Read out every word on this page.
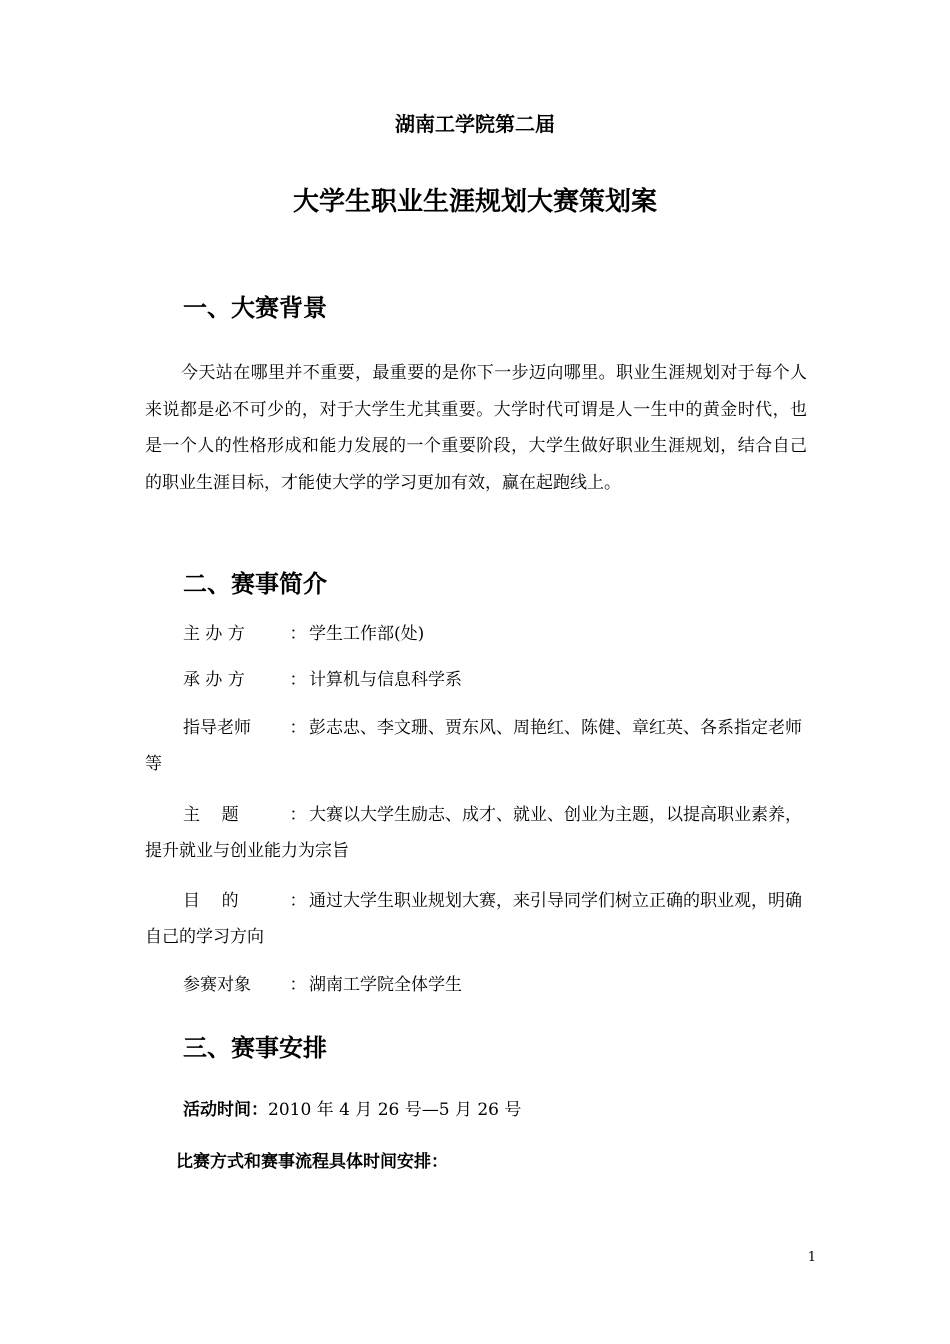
湖南工学院第二届
大学生职业生涯规划大赛策划案
一、大赛背景
今天站在哪里并不重要，最重要的是你下一步迈向哪里。职业生涯规划对于每个人来说都是必不可少的，对于大学生尤其重要。大学时代可谓是人一生中的黄金时代，也是一个人的性格形成和能力发展的一个重要阶段，大学生做好职业生涯规划，结合自己的职业生涯目标，才能使大学的学习更加有效，赢在起跑线上。
二、赛事简介
主 办 方	： 学生工作部(处)
承 办 方	： 计算机与信息科学系
指导老师 ： 彭志忠、李文珊、贾东风、周艳红、陈健、章红英、各系指定老师等
主    题	： 大赛以大学生励志、成才、就业、创业为主题，以提高职业素养，提升就业与创业能力为宗旨
目    的	： 通过大学生职业规划大赛，来引导同学们树立正确的职业观，明确自己的学习方向
参赛对象 ： 湖南工学院全体学生
三、赛事安排
活动时间：2010 年 4 月 26 号—5 月 26 号
比赛方式和赛事流程具体时间安排：
1
